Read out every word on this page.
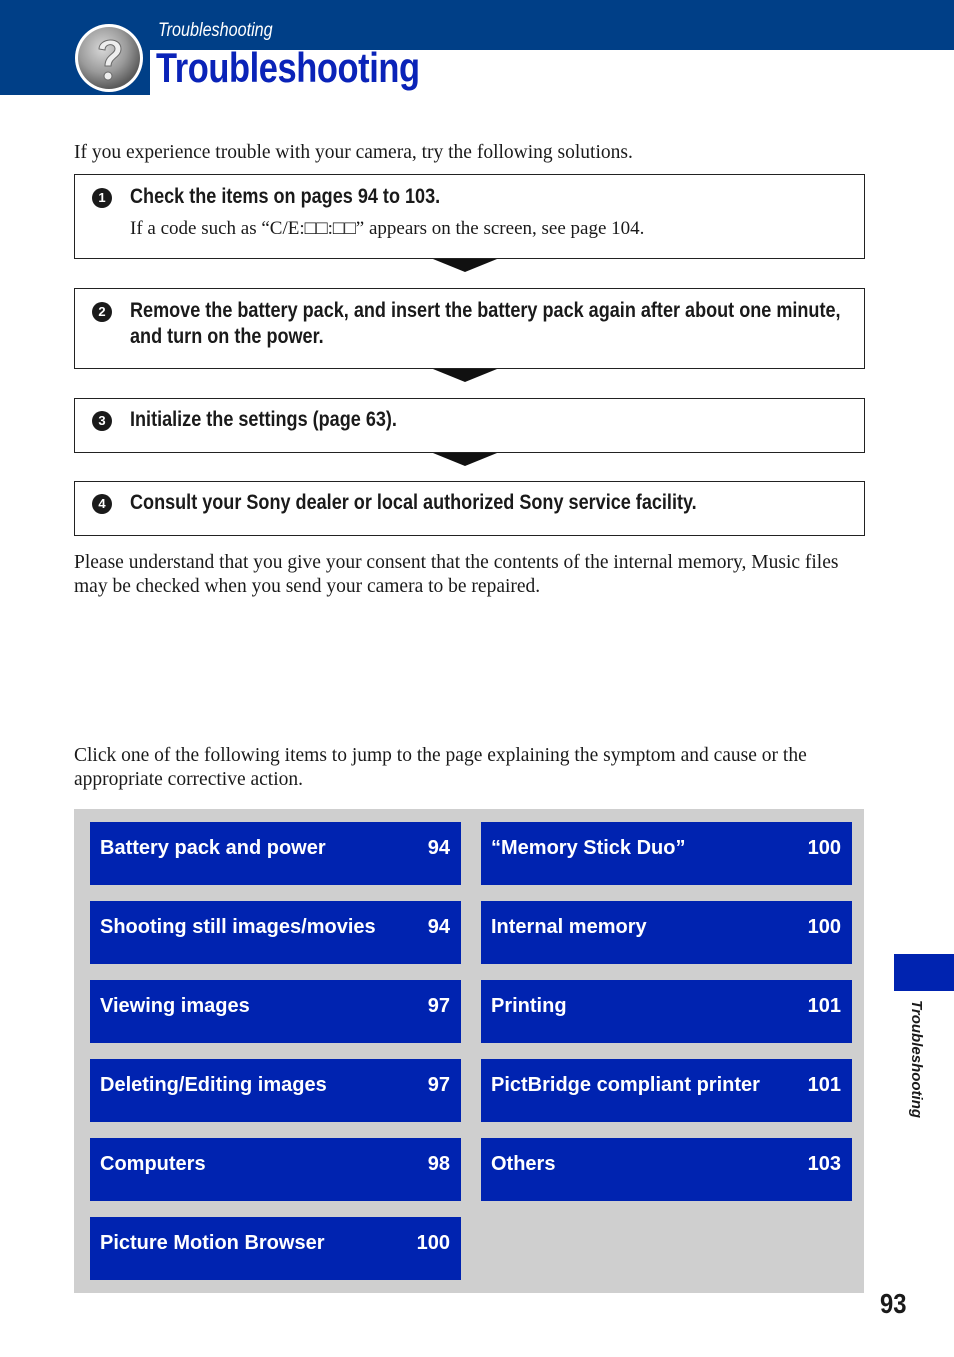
Troubleshooting
Troubleshooting
If you experience trouble with your camera, try the following solutions.
1	Check the items on pages 94 to 103.
If a code such as “C/E:□□:□□” appears on the screen, see page 104.
2	Remove the battery pack, and insert the battery pack again after about one minute, and turn on the power.
3	Initialize the settings (page 63).
4	Consult your Sony dealer or local authorized Sony service facility.
Please understand that you give your consent that the contents of the internal memory, Music files may be checked when you send your camera to be repaired.
Click one of the following items to jump to the page explaining the symptom and cause or the appropriate corrective action.
Battery pack and power	94
Shooting still images/movies	94
Viewing images	97
Deleting/Editing images	97
Computers	98
Picture Motion Browser	100
“Memory Stick Duo”	100
Internal memory	100
Printing	101
PictBridge compliant printer 101
Others	103
Troubleshooting
93
